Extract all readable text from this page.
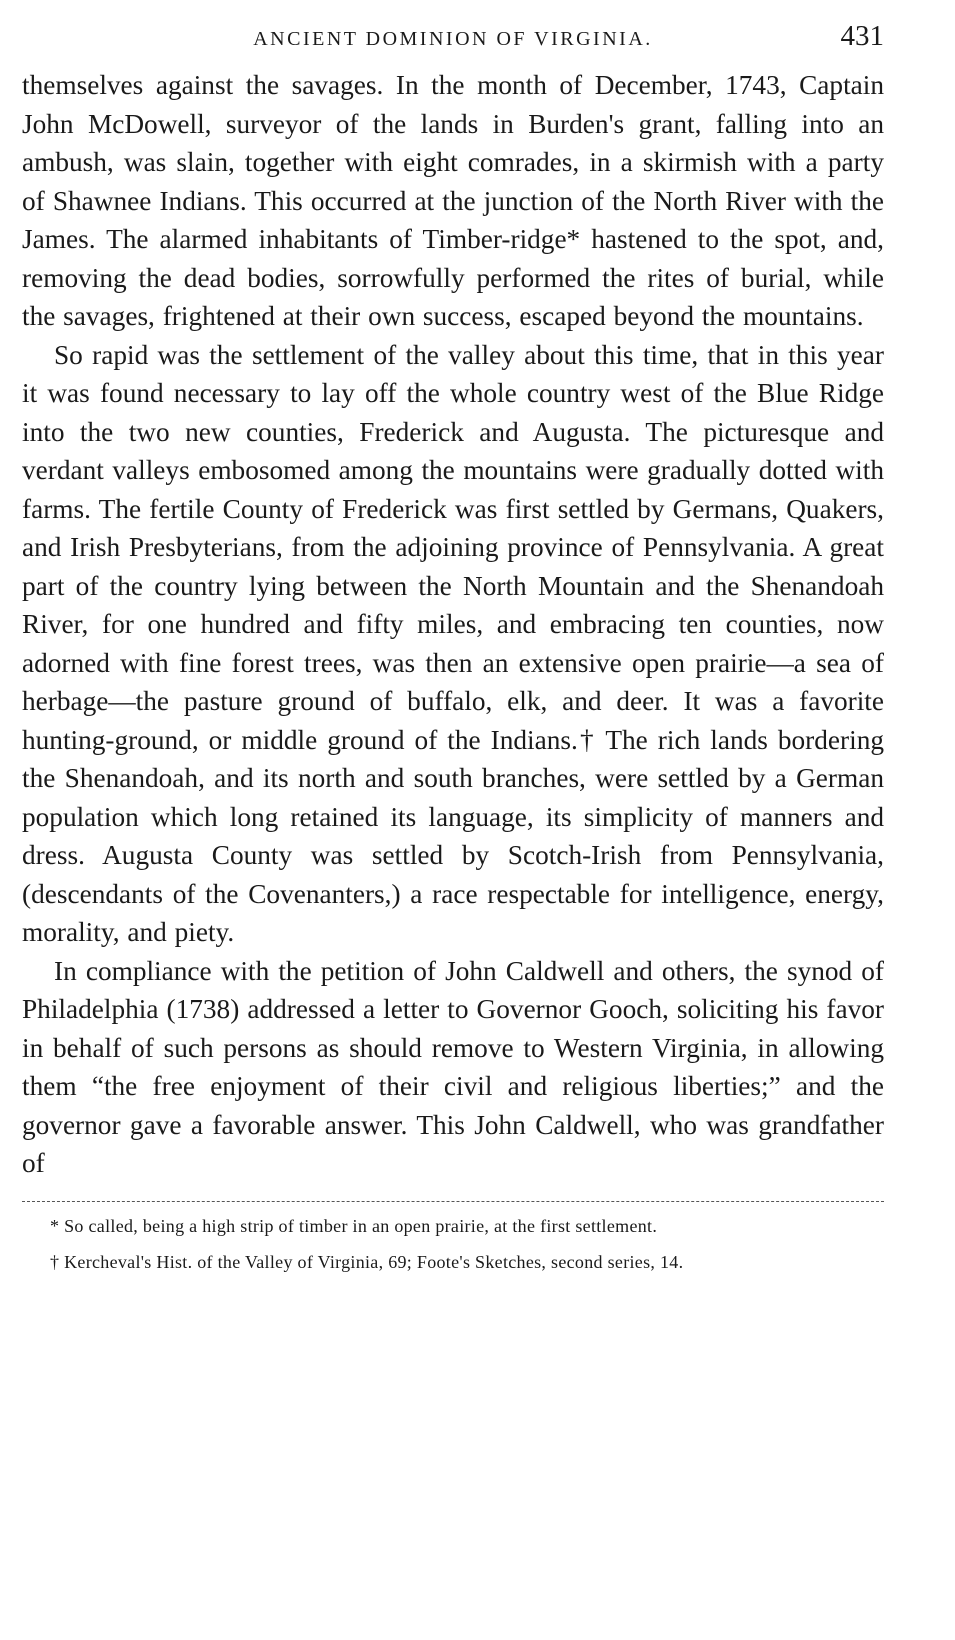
ANCIENT DOMINION OF VIRGINIA.	431

themselves against the savages. In the month of December, 1743, Captain John McDowell, surveyor of the lands in Burden's grant, falling into an ambush, was slain, together with eight comrades, in a skirmish with a party of Shawnee Indians. This occurred at the junction of the North River with the James. The alarmed inhabitants of Timber-ridge* hastened to the spot, and, removing the dead bodies, sorrowfully performed the rites of burial, while the savages, frightened at their own success, escaped beyond the mountains.

So rapid was the settlement of the valley about this time, that in this year it was found necessary to lay off the whole country west of the Blue Ridge into the two new counties, Frederick and Augusta. The picturesque and verdant valleys embosomed among the mountains were gradually dotted with farms. The fertile County of Frederick was first settled by Germans, Quakers, and Irish Presbyterians, from the adjoining province of Pennsylvania. A great part of the country lying between the North Mountain and the Shenandoah River, for one hundred and fifty miles, and embracing ten counties, now adorned with fine forest trees, was then an extensive open prairie—a sea of herbage—the pasture ground of buffalo, elk, and deer. It was a favorite hunting-ground, or middle ground of the Indians.† The rich lands bordering the Shenandoah, and its north and south branches, were settled by a German population which long retained its language, its simplicity of manners and dress. Augusta County was settled by Scotch-Irish from Pennsylvania, (descendants of the Covenanters,) a race respectable for intelligence, energy, morality, and piety.

In compliance with the petition of John Caldwell and others, the synod of Philadelphia (1738) addressed a letter to Governor Gooch, soliciting his favor in behalf of such persons as should remove to Western Virginia, in allowing them “the free enjoyment of their civil and religious liberties;” and the governor gave a favorable answer. This John Caldwell, who was grandfather of

* So called, being a high strip of timber in an open prairie, at the first settlement.

† Kercheval's Hist. of the Valley of Virginia, 69; Foote's Sketches, second series, 14.
